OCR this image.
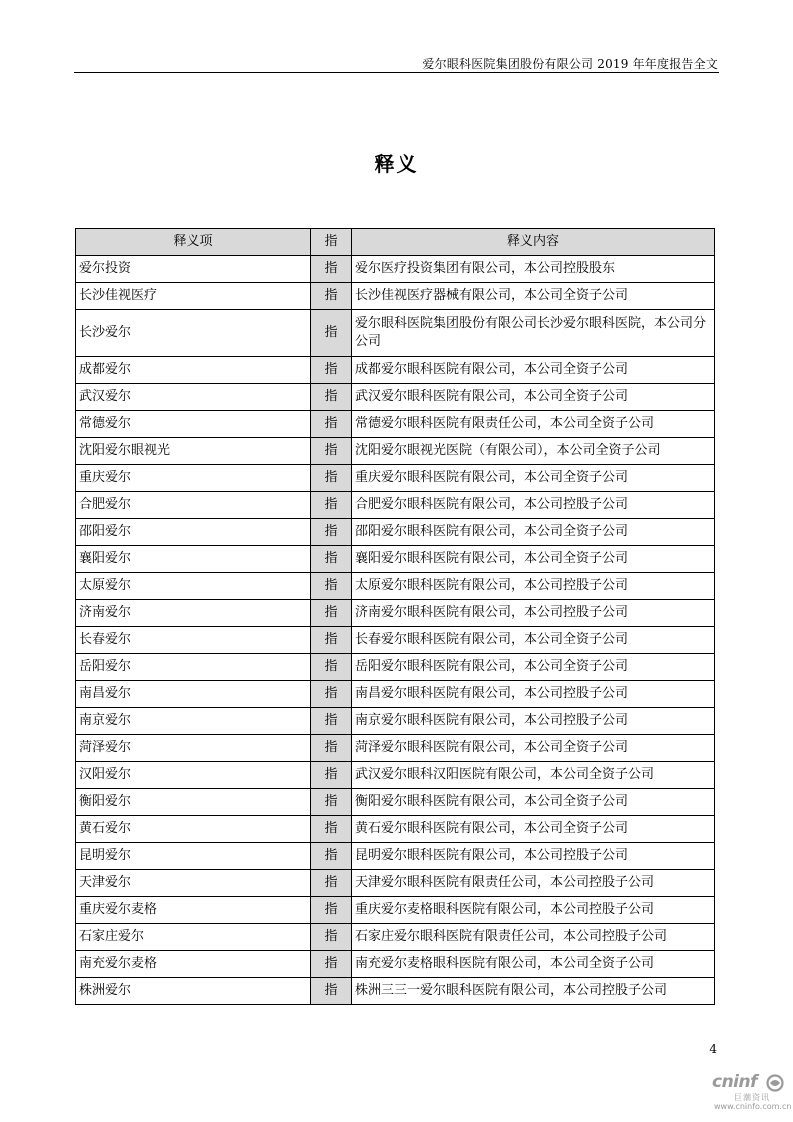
爱尔眼科医院集团股份有限公司 2019 年年度报告全文
释义
释义项	指	释义内容
爱尔投资	指	爱尔医疗投资集团有限公司，本公司控股股东
长沙佳视医疗	指	长沙佳视医疗器械有限公司，本公司全资子公司
长沙爱尔	指	爱尔眼科医院集团股份有限公司长沙爱尔眼科医院，本公司分公司
成都爱尔	指	成都爱尔眼科医院有限公司，本公司全资子公司
武汉爱尔	指	武汉爱尔眼科医院有限公司，本公司全资子公司
常德爱尔	指	常德爱尔眼科医院有限责任公司，本公司全资子公司
沈阳爱尔眼视光	指	沈阳爱尔眼视光医院（有限公司），本公司全资子公司
重庆爱尔	指	重庆爱尔眼科医院有限公司，本公司全资子公司
合肥爱尔	指	合肥爱尔眼科医院有限公司，本公司控股子公司
邵阳爱尔	指	邵阳爱尔眼科医院有限公司，本公司全资子公司
襄阳爱尔	指	襄阳爱尔眼科医院有限公司，本公司全资子公司
太原爱尔	指	太原爱尔眼科医院有限公司，本公司控股子公司
济南爱尔	指	济南爱尔眼科医院有限公司，本公司控股子公司
长春爱尔	指	长春爱尔眼科医院有限公司，本公司全资子公司
岳阳爱尔	指	岳阳爱尔眼科医院有限公司，本公司全资子公司
南昌爱尔	指	南昌爱尔眼科医院有限公司，本公司控股子公司
南京爱尔	指	南京爱尔眼科医院有限公司，本公司控股子公司
菏泽爱尔	指	菏泽爱尔眼科医院有限公司，本公司全资子公司
汉阳爱尔	指	武汉爱尔眼科汉阳医院有限公司，本公司全资子公司
衡阳爱尔	指	衡阳爱尔眼科医院有限公司，本公司全资子公司
黄石爱尔	指	黄石爱尔眼科医院有限公司，本公司全资子公司
昆明爱尔	指	昆明爱尔眼科医院有限公司，本公司控股子公司
天津爱尔	指	天津爱尔眼科医院有限责任公司，本公司控股子公司
重庆爱尔麦格	指	重庆爱尔麦格眼科医院有限公司，本公司控股子公司
石家庄爱尔	指	石家庄爱尔眼科医院有限责任公司，本公司控股子公司
南充爱尔麦格	指	南充爱尔麦格眼科医院有限公司，本公司全资子公司
株洲爱尔	指	株洲三三一爱尔眼科医院有限公司，本公司控股子公司
4
cninf
巨潮资讯
www.cninfo.com.cn
